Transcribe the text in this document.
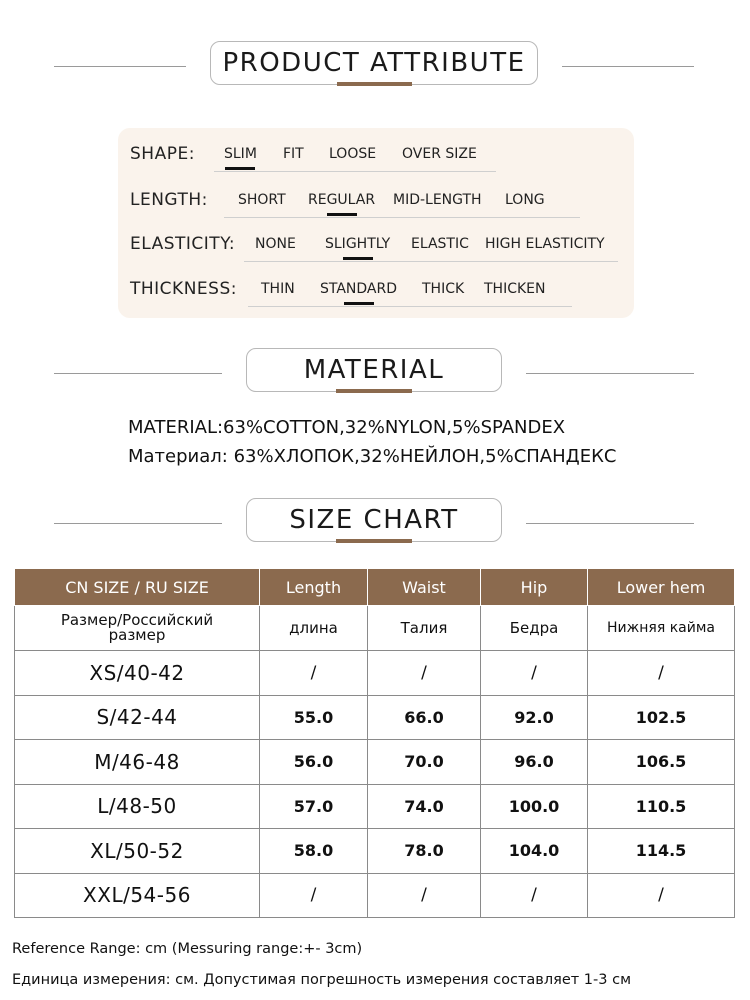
PRODUCT ATTRIBUTE
SHAPE: SLIM FIT LOOSE OVER SIZE
LENGTH: SHORT REGULAR MID-LENGTH LONG
ELASTICITY: NONE SLIGHTLY ELASTIC HIGH ELASTICITY
THICKNESS: THIN STANDARD THICK THICKEN
MATERIAL
MATERIAL:63%COTTON,32%NYLON,5%SPANDEX
Материал: 63%ХЛОПОК,32%НЕЙЛОН,5%СПАНДЕКС
SIZE CHART
CN SIZE / RU SIZE	Length	Waist	Hip	Lower hem
Размер/Российский размер	длина	Талия	Бедра	Нижняя кайма
XS/40-42	/	/	/	/
S/42-44	55.0	66.0	92.0	102.5
M/46-48	56.0	70.0	96.0	106.5
L/48-50	57.0	74.0	100.0	110.5
XL/50-52	58.0	78.0	104.0	114.5
XXL/54-56	/	/	/	/
Reference Range: cm (Messuring range:+- 3cm)
Единица измерения: см. Допустимая погрешность измерения составляет 1-3 см
